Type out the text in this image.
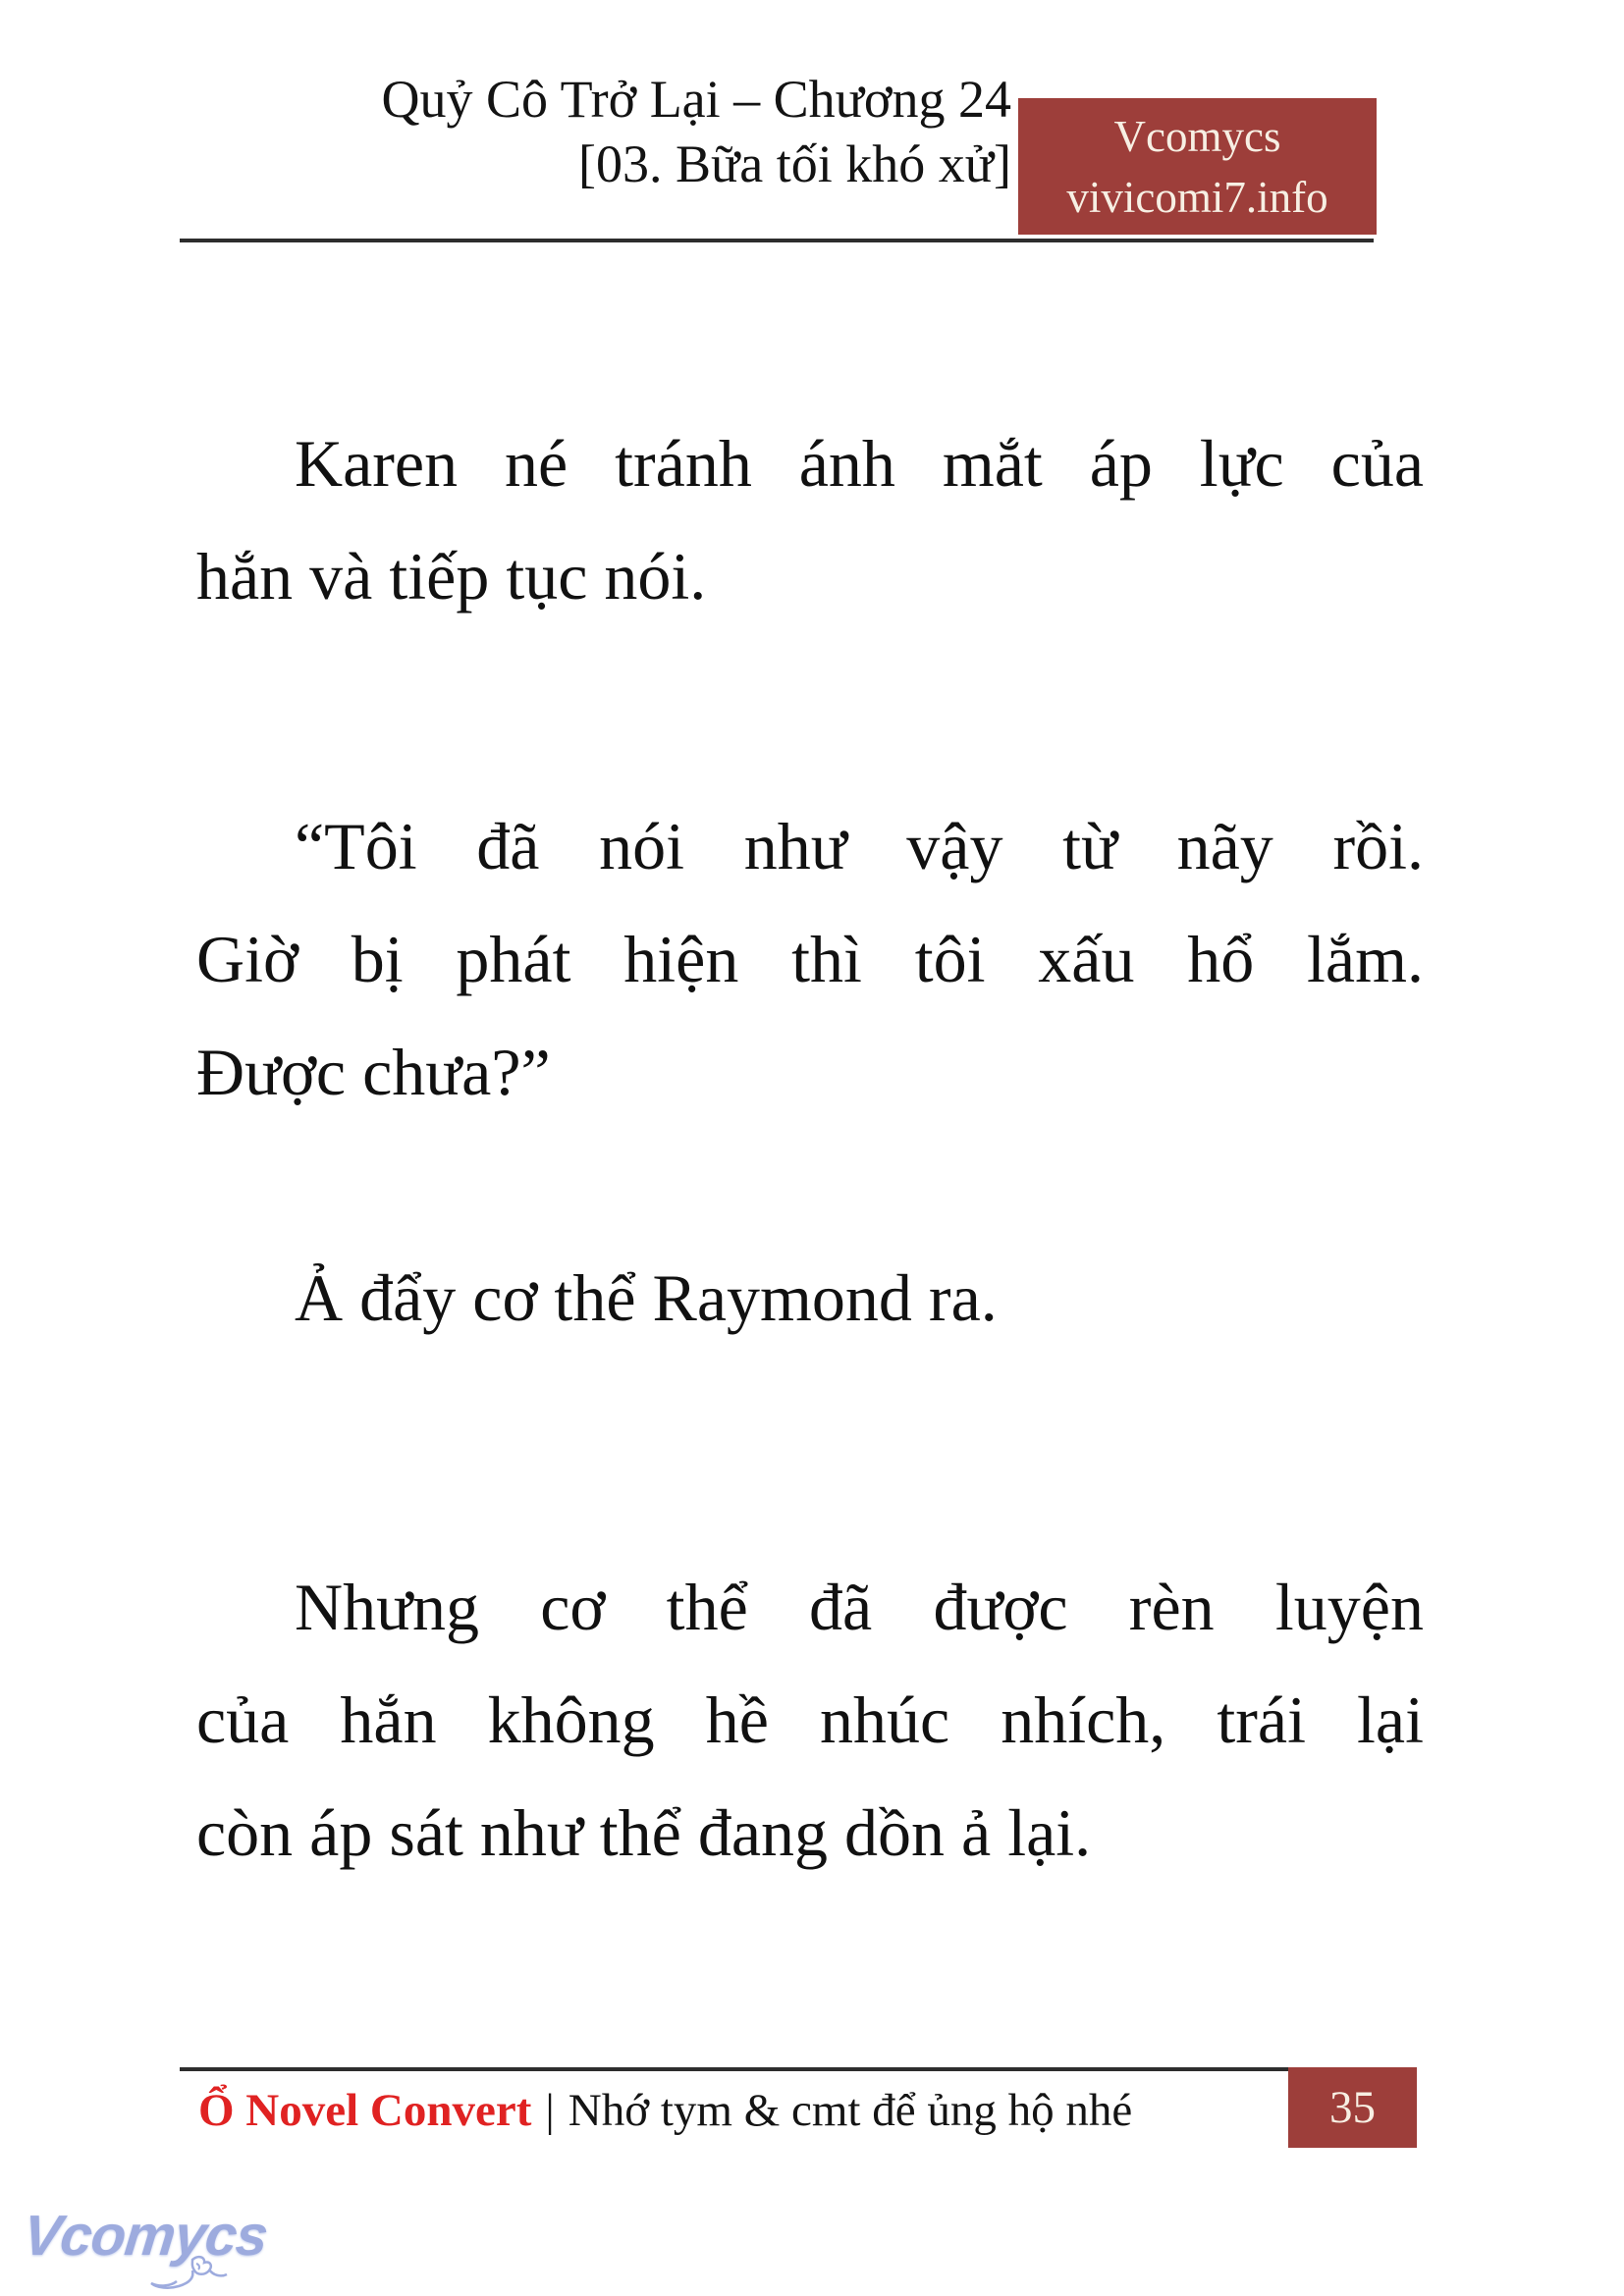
Quỷ Cô Trở Lại – Chương 24
[03. Bữa tối khó xử] Vcomycs
vivicomi7.info
Karen né tránh ánh mắt áp lực của
hắn và tiếp tục nói.
“Tôi đã nói như vậy từ nãy rồi.
Giờ bị phát hiện thì tôi xấu hổ lắm.
Được chưa?”
Ả đẩy cơ thể Raymond ra.
Nhưng cơ thể đã được rèn luyện
của hắn không hề nhúc nhích, trái lại
còn áp sát như thể đang dồn ả lại.
Ổ Novel Convert | Nhớ tym & cmt để ủng hộ nhé	35
Vcomycs
